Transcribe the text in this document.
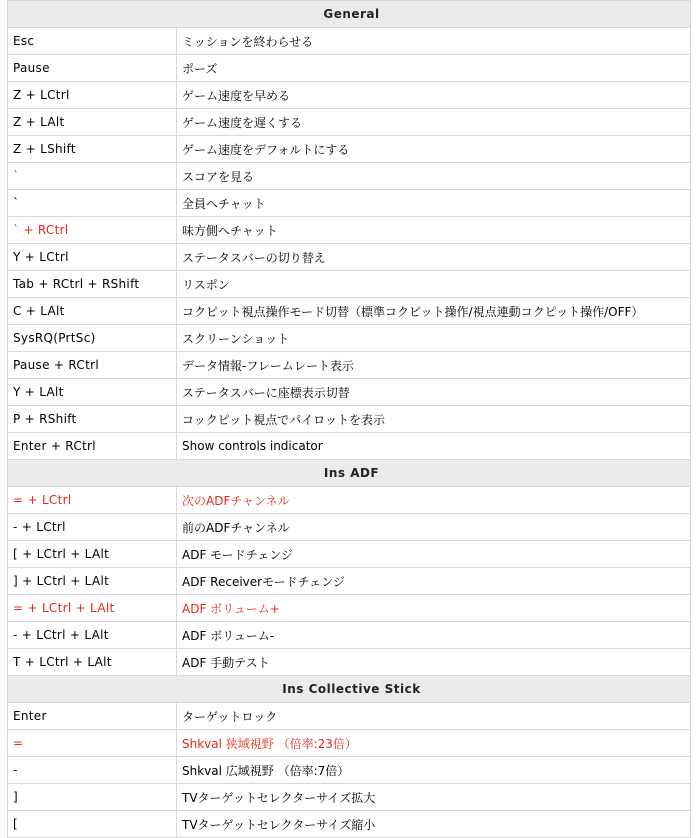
General	
Esc	ミッションを終わらせる
Pause	ポーズ
Z + LCtrl	ゲーム速度を早める
Z + LAlt	ゲーム速度を遅くする
Z + LShift	ゲーム速度をデフォルトにする
`	スコアを見る
`	全員へチャット
` + RCtrl	味方側へチャット
Y + LCtrl	ステータスバーの切り替え
Tab + RCtrl + RShift	リスポン
C + LAlt	コクピット視点操作モード切替（標準コクピット操作/視点連動コクピット操作/OFF）
SysRQ(PrtSc)	スクリーンショット
Pause + RCtrl	データ情報-フレームレート表示
Y + LAlt	ステータスバーに座標表示切替
P + RShift	コックピット視点でパイロットを表示
Enter + RCtrl	Show controls indicator
Ins ADF	
= + LCtrl	次のADFチャンネル
- + LCtrl	前のADFチャンネル
[ + LCtrl + LAlt	ADF モードチェンジ
] + LCtrl + LAlt	ADF Receiverモードチェンジ
= + LCtrl + LAlt	ADF ボリューム+
- + LCtrl + LAlt	ADF ボリューム-
T + LCtrl + LAlt	ADF 手動テスト
Ins Collective Stick	
Enter	ターゲットロック
=	Shkval 狭域視野 （倍率:23倍）
-	Shkval 広域視野 （倍率:7倍）
]	TVターゲットセレクターサイズ拡大
[	TVターゲットセレクターサイズ縮小
